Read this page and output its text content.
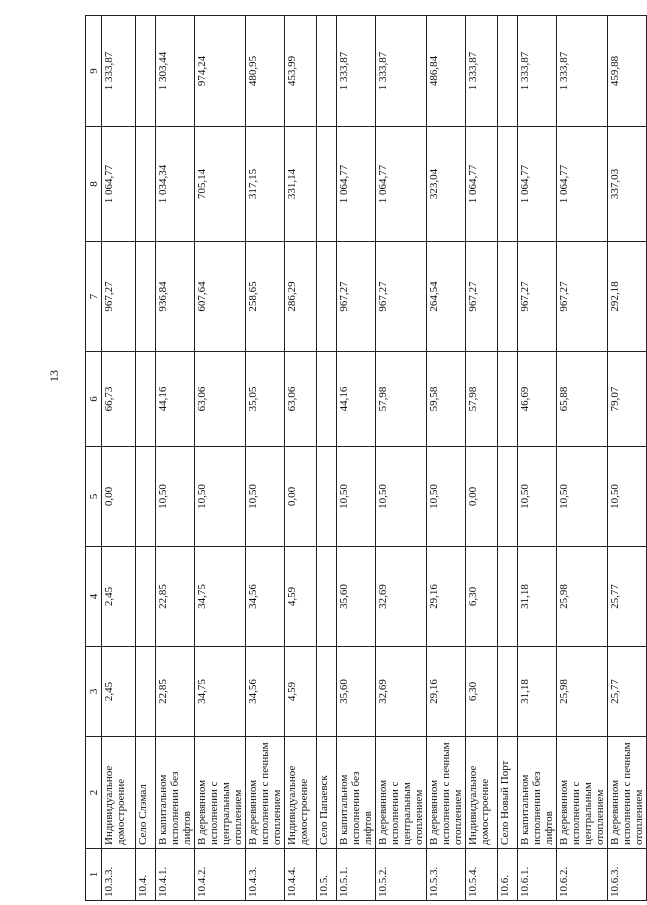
13
1	2	3	4	5	6	7	8	9
10.3.3.	Индивидуальное домостроение	2,45	2,45	0,00	66,73	967,27	1 064,77	1 333,87
10.4.	Село Слэмал							
10.4.1.	В капитальном исполнении без лифтов	22,85	22,85	10,50	44,16	936,84	1 034,34	1 303,44
10.4.2.	В деревянном исполнении с центральным отоплением	34,75	34,75	10,50	63,06	607,64	705,14	974,24
10.4.3.	В деревянном исполнении с печным отоплением	34,56	34,56	10,50	35,05	258,65	317,15	480,95
10.4.4.	Индивидуальное домостроение	4,59	4,59	0,00	63,06	286,29	331,14	453,99
10.5.	Село Папаевск							
10.5.1.	В капитальном исполнении без лифтов	35,60	35,60	10,50	44,16	967,27	1 064,77	1 333,87
10.5.2.	В деревянном исполнении с центральным отоплением	32,69	32,69	10,50	57,98	967,27	1 064,77	1 333,87
10.5.3.	В деревянном исполнении с печным отоплением	29,16	29,16	10,50	59,58	264,54	323,04	486,84
10.5.4.	Индивидуальное домостроение	6,30	6,30	0,00	57,98	967,27	1 064,77	1 333,87
10.6.	Село Новый Порт							
10.6.1.	В капитальном исполнении без лифтов	31,18	31,18	10,50	46,69	967,27	1 064,77	1 333,87
10.6.2.	В деревянном исполнении с центральным отоплением	25,98	25,98	10,50	65,88	967,27	1 064,77	1 333,87
10.6.3.	В деревянном исполнении с печным отоплением	25,77	25,77	10,50	79,07	292,18	337,03	459,88
